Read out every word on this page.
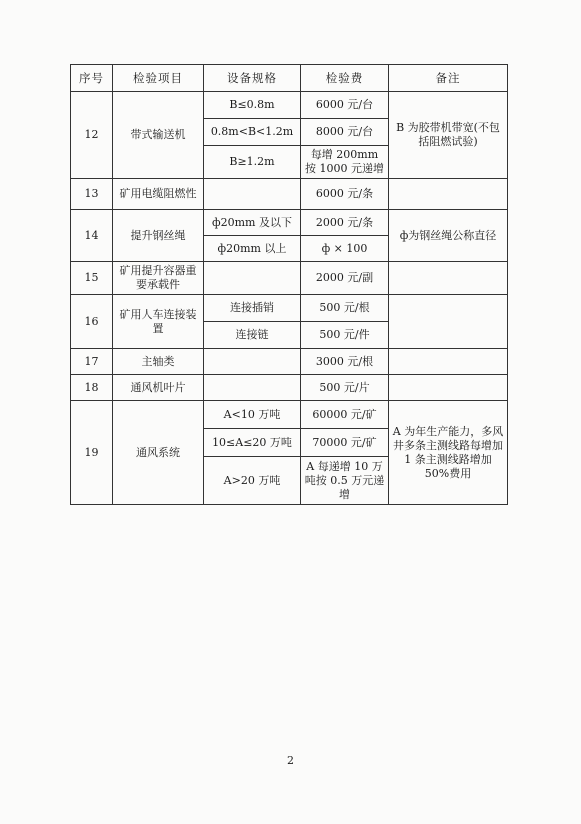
序号	检验项目	设备规格	检验费	备注
12	带式输送机	B≤0.8m	6000 元/台	B 为胶带机带宽(不包括阻燃试验)
		0.8m<B<1.2m	8000 元/台	
		B≥1.2m	每增 200mm 按 1000 元递增	
13	矿用电缆阻燃性		6000 元/条	
14	提升钢丝绳	ф20mm 及以下	2000 元/条	ф为钢丝绳公称直径
		ф20mm 以上	ф × 100	
15	矿用提升容器重要承载件		2000 元/副	
16	矿用人车连接装置	连接插销	500 元/根	
		连接链	500 元/件	
17	主轴类		3000 元/根	
18	通风机叶片		500 元/片	
19	通风系统	A<10 万吨	60000 元/矿	A 为年生产能力，多风井多条主测线路每增加 1 条主测线路增加 50%费用
		10≤A≤20 万吨	70000 元/矿	
		A>20 万吨	A 每递增 10 万吨按 0.5 万元递增	
2
